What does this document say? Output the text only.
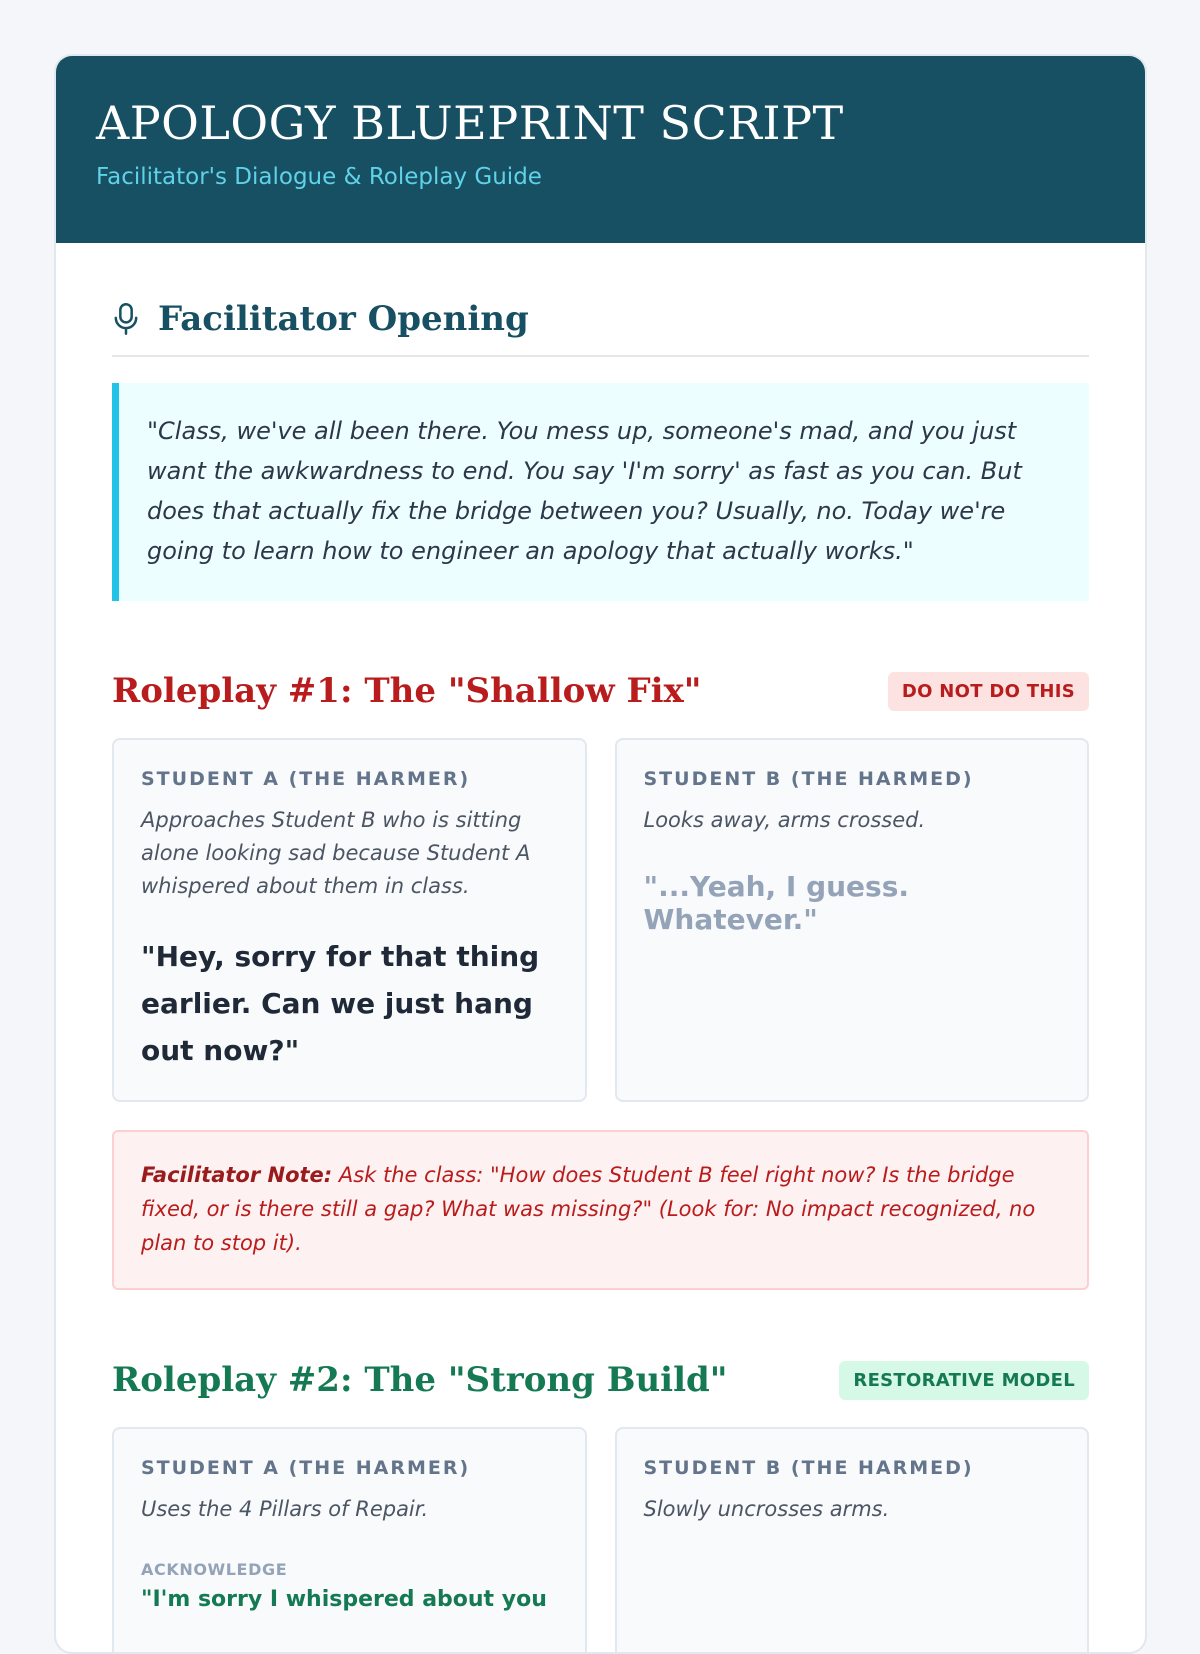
APOLOGY BLUEPRINT SCRIPT
Facilitator's Dialogue & Roleplay Guide
Facilitator Opening
"Class, we've all been there. You mess up, someone's mad, and you just want the awkwardness to end. You say 'I'm sorry' as fast as you can. But does that actually fix the bridge between you? Usually, no. Today we're going to learn how to engineer an apology that actually works."
Roleplay #1: The "Shallow Fix"	DO NOT DO THIS
STUDENT A (THE HARMER)
Approaches Student B who is sitting alone looking sad because Student A whispered about them in class.
"Hey, sorry for that thing earlier. Can we just hang out now?"
STUDENT B (THE HARMED)
Looks away, arms crossed.
"...Yeah, I guess. Whatever."
Facilitator Note: Ask the class: "How does Student B feel right now? Is the bridge fixed, or is there still a gap? What was missing?" (Look for: No impact recognized, no plan to stop it).
Roleplay #2: The "Strong Build"	RESTORATIVE MODEL
STUDENT A (THE HARMER)
Uses the 4 Pillars of Repair.
ACKNOWLEDGE
"I'm sorry I whispered about you
STUDENT B (THE HARMED)
Slowly uncrosses arms.
